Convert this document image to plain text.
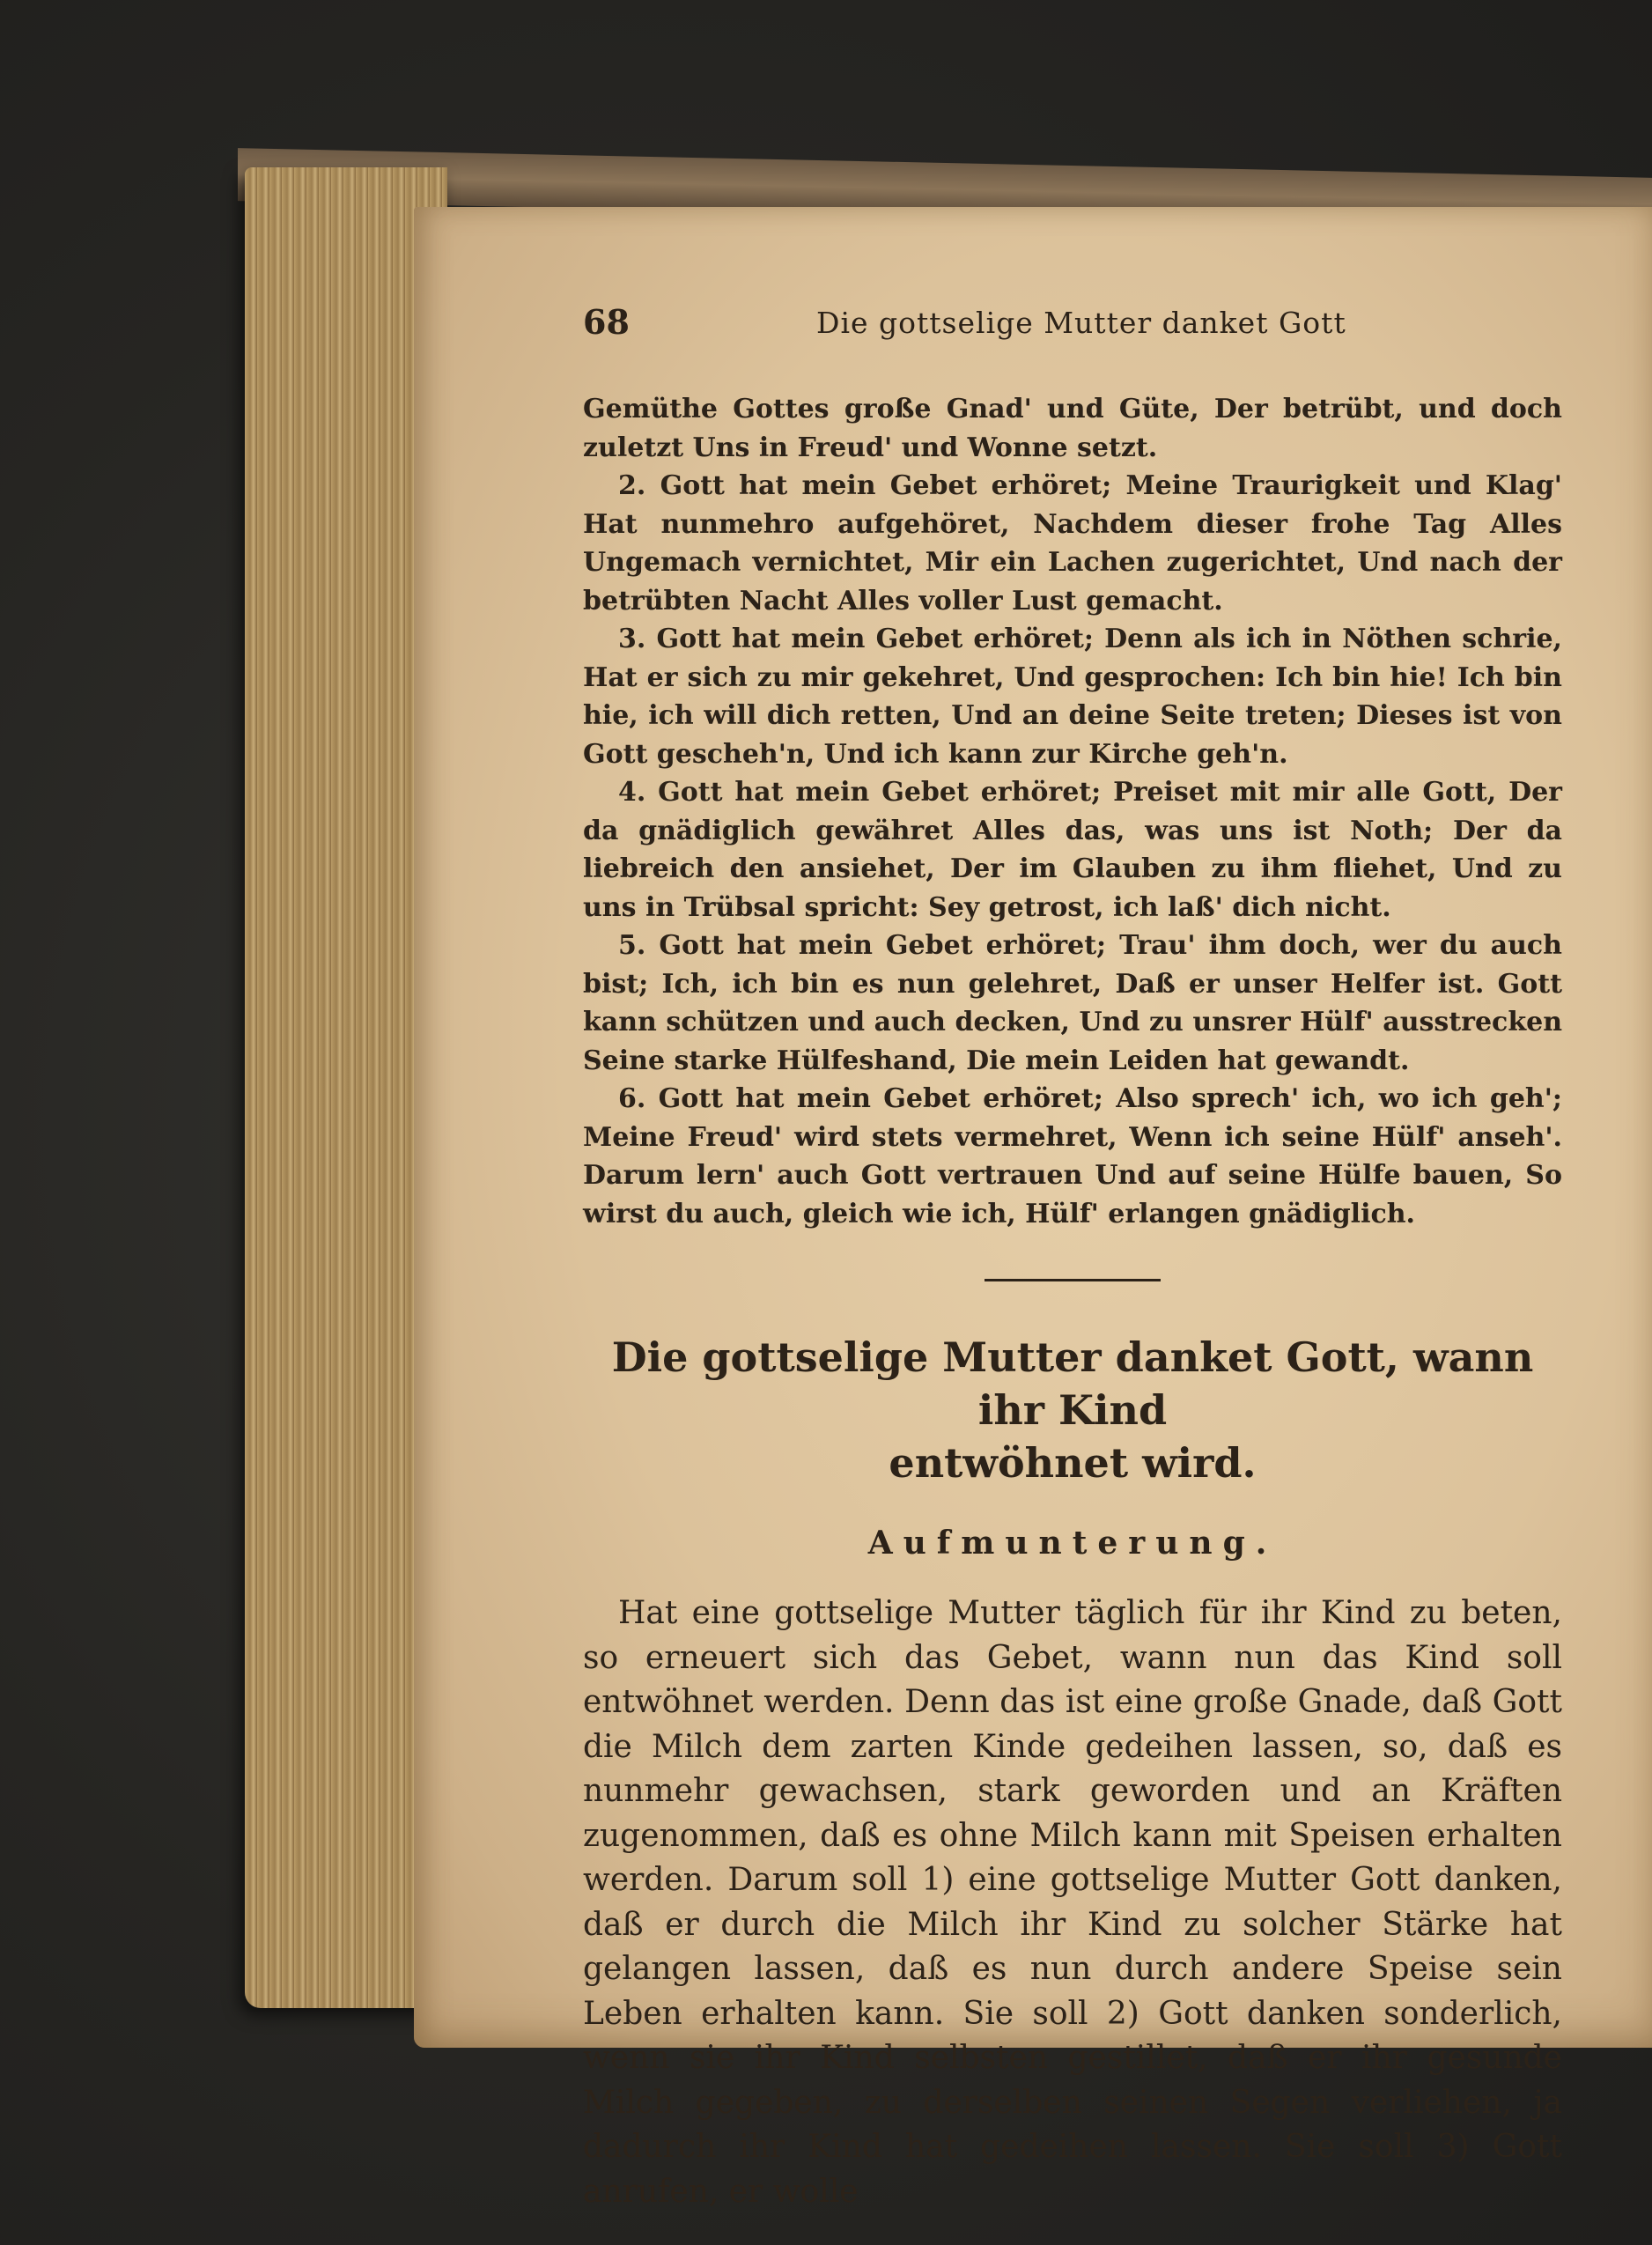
68	Die gottselige Mutter danket Gott

Gemüthe Gottes große Gnad' und Güte, Der betrübt, und doch zuletzt Uns in Freud' und Wonne setzt.

2. Gott hat mein Gebet erhöret; Meine Traurigkeit und Klag' Hat nunmehro aufgehöret, Nachdem dieser frohe Tag Alles Ungemach vernichtet, Mir ein Lachen zugerichtet, Und nach der betrübten Nacht Alles voller Lust gemacht.

3. Gott hat mein Gebet erhöret; Denn als ich in Nöthen schrie, Hat er sich zu mir gekehret, Und gesprochen: Ich bin hie! Ich bin hie, ich will dich retten, Und an deine Seite treten; Dieses ist von Gott gescheh'n, Und ich kann zur Kirche geh'n.

4. Gott hat mein Gebet erhöret; Preiset mit mir alle Gott, Der da gnädiglich gewähret Alles das, was uns ist Noth; Der da liebreich den ansiehet, Der im Glauben zu ihm fliehet, Und zu uns in Trübsal spricht: Sey getrost, ich laß' dich nicht.

5. Gott hat mein Gebet erhöret; Trau' ihm doch, wer du auch bist; Ich, ich bin es nun gelehret, Daß er unser Helfer ist. Gott kann schützen und auch decken, Und zu unsrer Hülf' ausstrecken Seine starke Hülfeshand, Die mein Leiden hat gewandt.

6. Gott hat mein Gebet erhöret; Also sprech' ich, wo ich geh'; Meine Freud' wird stets vermehret, Wenn ich seine Hülf' anseh'. Darum lern' auch Gott vertrauen Und auf seine Hülfe bauen, So wirst du auch, gleich wie ich, Hülf' erlangen gnädiglich.

Die gottselige Mutter danket Gott, wann ihr Kind
entwöhnet wird.
Aufmunterung.

Hat eine gottselige Mutter täglich für ihr Kind zu beten, so erneuert sich das Gebet, wann nun das Kind soll entwöhnet werden. Denn das ist eine große Gnade, daß Gott die Milch dem zarten Kinde gedeihen lassen, so, daß es nunmehr gewachsen, stark geworden und an Kräften zugenommen, daß es ohne Milch kann mit Speisen erhalten werden. Darum soll 1) eine gottselige Mutter Gott danken, daß er durch die Milch ihr Kind zu solcher Stärke hat gelangen lassen, daß es nun durch andere Speise sein Leben erhalten kann. Sie soll 2) Gott danken sonderlich, wenn sie ihr Kind selbsten gestillet, daß er ihr gesunde Milch gegeben, zu derselben seinen Segen verliehen, ja dadurch ihr Kind hat gedeihen lassen. Sie soll 3) Gott anrufen, er wolle
